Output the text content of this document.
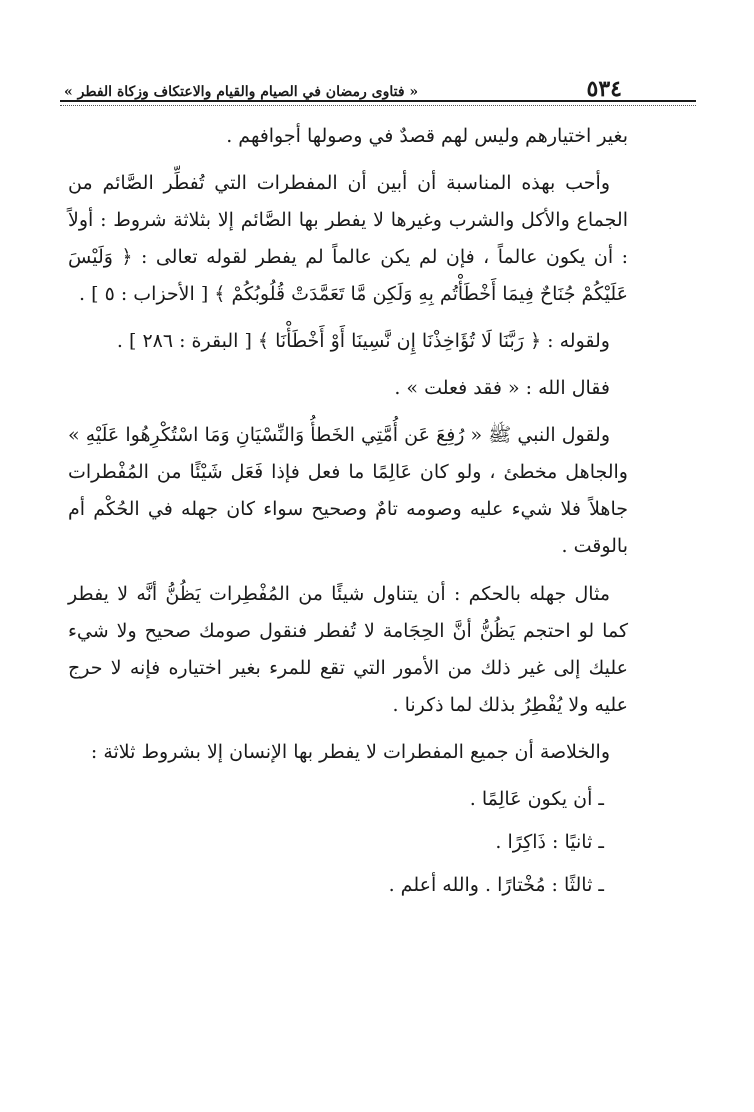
٥٣٤
« فتاوى رمضان في الصيام والقيام والاعتكاف وزكاة الفطر »

بغير اختيارهم وليس لهم قصدٌ في وصولها أجوافهم .

وأحب بهذه المناسبة أن أبين أن المفطرات التي تُفطِّر الصَّائم من الجماع والأكل والشرب وغيرها لا يفطر بها الصَّائم إلا بثلاثة شروط : أولاً : أن يكون عالماً ، فإن لم يكن عالماً لم يفطر لقوله تعالى : ﴿ وَلَيْسَ عَلَيْكُمْ جُنَاحٌ فِيمَا أَخْطَأْتُم بِهِ وَلَكِن مَّا تَعَمَّدَتْ قُلُوبُكُمْ ﴾ [ الأحزاب : ٥ ] .

ولقوله : ﴿ رَبَّنَا لَا تُؤَاخِذْنَا إِن نَّسِينَا أَوْ أَخْطَأْنَا ﴾ [ البقرة : ٢٨٦ ] .

فقال الله : « فقد فعلت » .

ولقول النبي ﷺ « رُفِعَ عَن أُمَّتِي الخَطأُ وَالنِّسْيَانِ وَمَا اسْتُكْرِهُوا عَلَيْهِ » والجاهل مخطئ ، ولو كان عَالِمًا ما فعل فإذا فَعَل شَيْئًا من المُفْطرات جاهلاً فلا شيء عليه وصومه تامٌ وصحيح سواء كان جهله في الحُكْم أم بالوقت .

مثال جهله بالحكم : أن يتناول شيئًا من المُفْطِرات يَظُنُّ أنَّه لا يفطر كما لو احتجم يَظُنُّ أنَّ الحِجَامة لا تُفطر فنقول صومك صحيح ولا شيء عليك إلى غير ذلك من الأمور التي تقع للمرء بغير اختياره فإنه لا حرج عليه ولا يُفْطِرُ بذلك لما ذكرنا .

والخلاصة أن جميع المفطرات لا يفطر بها الإنسان إلا بشروط ثلاثة :

ـ أن يكون عَالِمًا .
ـ ثانيًا : ذَاكِرًا .
ـ ثالثًا : مُخْتارًا . والله أعلم .
